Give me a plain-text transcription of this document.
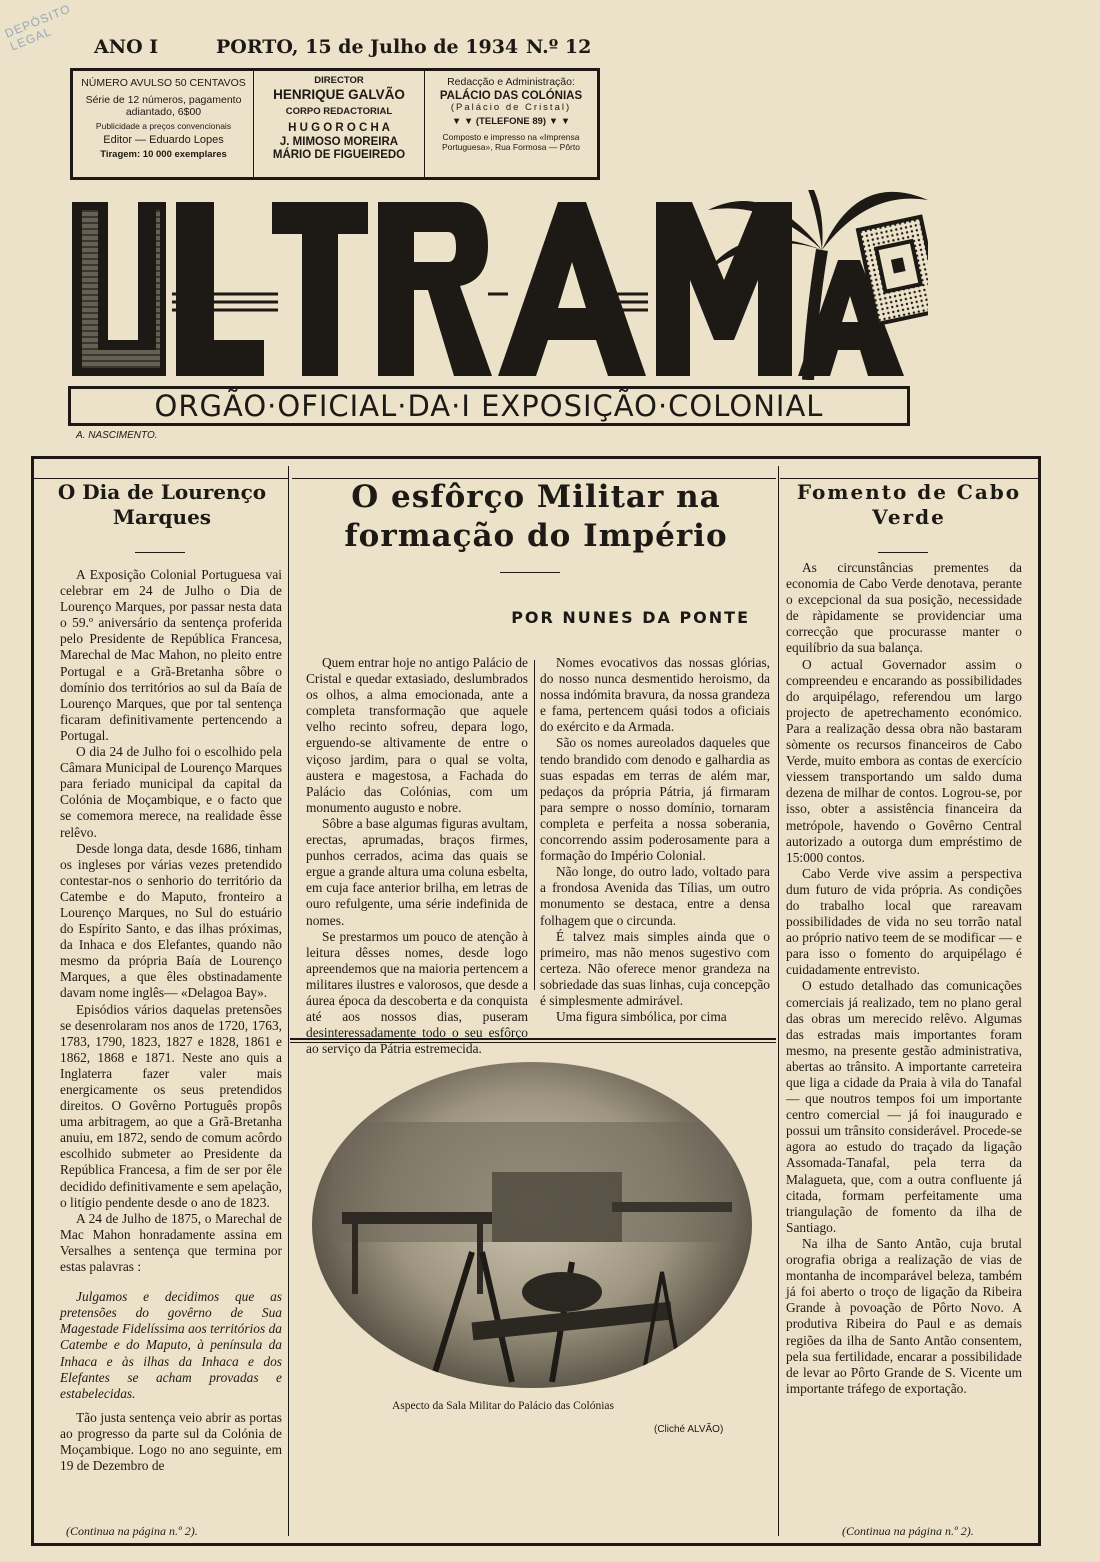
DEPÓSITO LEGAL	ANO I	PORTO, 15 de Julho de 1934 N.º 12
NÚMERO AVULSO 50 CENTAVOS
Série de 12 números, pagamento
adiantado, 6$00
Publicidade a preços convencionais
Editor — Eduardo Lopes
Tiragem: 10 000 exemplares
DIRECTOR
HENRIQUE GALVÃO
CORPO REDACTORIAL
H U G O R O C H A
J. MIMOSO MOREIRA
MÁRIO DE FIGUEIREDO
Redacção e Administração:
PALÁCIO DAS COLÓNIAS
(Palácio de Cristal)
▼ ▼ (TELEFONE 89) ▼ ▼
Composto e impresso na «Imprensa
Portuguesa», Rua Formosa — Pôrto
ORGÃO·OFICIAL·DA·I EXPOSIÇÃO·COLONIAL
A. NASCIMENTO.
O Dia de Lourenço
Marques

A Exposição Colonial Portuguesa vai celebrar em 24 de Julho o Dia de Lourenço Marques, por passar nesta data o 59.º aniversário da sentença proferida pelo Presidente de República Francesa, Marechal de Mac Mahon, no pleito entre Portugal e a Grã-Bretanha sôbre o domínio dos territórios ao sul da Baía de Lourenço Marques, que por tal sentença ficaram definitivamente pertencendo a Portugal.

O dia 24 de Julho foi o escolhido pela Câmara Municipal de Lourenço Marques para feriado municipal da capital da Colónia de Moçambique, e o facto que se comemora merece, na realidade êsse relêvo.

Desde longa data, desde 1686, tinham os ingleses por várias vezes pretendido contestar-nos o senhorio do território da Catembe e do Maputo, fronteiro a Lourenço Marques, no Sul do estuário do Espírito Santo, e das ilhas próximas, da Inhaca e dos Elefantes, quando não mesmo da própria Baía de Lourenço Marques, a que êles obstinadamente davam nome inglês— «Delagoa Bay».

Episódios vários daquelas pretensões se desenrolaram nos anos de 1720, 1763, 1783, 1790, 1823, 1827 e 1828, 1861 e 1862, 1868 e 1871. Neste ano quis a Inglaterra fazer valer mais energicamente os seus pretendidos direitos. O Govêrno Português propôs uma arbitragem, ao que a Grã-Bretanha anuiu, em 1872, sendo de comum acôrdo escolhido submeter ao Presidente da República Francesa, a fim de ser por êle decidido definitivamente e sem apelação, o litígio pendente desde o ano de 1823.

A 24 de Julho de 1875, o Marechal de Mac Mahon honradamente assina em Versalhes a sentença que termina por estas palavras :

Julgamos e decidimos que as pretensões do govêrno de Sua Magestade Fidelíssima aos territórios da Catembe e do Maputo, à península da Inhaca e às ilhas da Inhaca e dos Elefantes se acham provadas e estabelecidas.

Tão justa sentença veio abrir as portas ao progresso da parte sul da Colónia de Moçambique. Logo no ano seguinte, em 19 de Dezembro de

(Continua na página n.º 2).
O esfôrço Militar na
formação do Império
POR NUNES DA PONTE

Quem entrar hoje no antigo Palácio de Cristal e quedar extasiado, deslumbrados os olhos, a alma emocionada, ante a completa transformação que aquele velho recinto sofreu, depara logo, erguendo-se altivamente de entre o viçoso jardim, para o qual se volta, austera e magestosa, a Fachada do Palácio das Colónias, com um monumento augusto e nobre.

Sôbre a base algumas figuras avultam, erectas, aprumadas, braços firmes, punhos cerrados, acima das quais se ergue a grande altura uma coluna esbelta, em cuja face anterior brilha, em letras de ouro refulgente, uma série indefinida de nomes.

Se prestarmos um pouco de atenção à leitura dêsses nomes, desde logo apreendemos que na maioria pertencem a militares ilustres e valorosos, que desde a áurea época da descoberta e da conquista até aos nossos dias, puseram desinteressadamente todo o seu esfôrço ao serviço da Pátria estremecida.

Nomes evocativos das nossas glórias, do nosso nunca desmentido heroismo, da nossa indómita bravura, da nossa grandeza e fama, pertencem quási todos a oficiais do exército e da Armada.

São os nomes aureolados daqueles que tendo brandido com denodo e galhardia as suas espadas em terras de além mar, pedaços da própria Pátria, já firmaram para sempre o nosso domínio, tornaram completa e perfeita a nossa soberania, concorrendo assim poderosamente para a formação do Império Colonial.

Não longe, do outro lado, voltado para a frondosa Avenida das Tílias, um outro monumento se destaca, entre a densa folhagem que o circunda.

É talvez mais simples ainda que o primeiro, mas não menos sugestivo com certeza. Não oferece menor grandeza na sobriedade das suas linhas, cuja concepção é simplesmente admirável.

Uma figura simbólica, por cima

Aspecto da Sala Militar do Palácio das Colónias
(Cliché ALVÃO)
Fomento de Cabo
Verde

As circunstâncias prementes da economia de Cabo Verde denotava, perante o excepcional da sua posição, necessidade de ràpidamente se providenciar uma correcção que procurasse manter o equilíbrio da sua balança.

O actual Governador assim o compreendeu e encarando as possibilidades do arquipélago, referendou um largo projecto de apetrechamento económico. Para a realização dessa obra não bastaram sòmente os recursos financeiros de Cabo Verde, muito embora as contas de exercício viessem transportando um saldo duma dezena de milhar de contos. Logrou-se, por isso, obter a assistência financeira da metrópole, havendo o Govêrno Central autorizado a outorga dum empréstimo de 15:000 contos.

Cabo Verde vive assim a perspectiva dum futuro de vida própria. As condições do trabalho local que rareavam possibilidades de vida no seu torrão natal ao próprio nativo teem de se modificar — e para isso o fomento do arquipélago é cuidadamente entrevisto.

O estudo detalhado das comunicações comerciais já realizado, tem no plano geral das obras um merecido relêvo. Algumas das estradas mais importantes foram mesmo, na presente gestão administrativa, abertas ao trânsito. A importante carreteira que liga a cidade da Praia à vila do Tanafal — que noutros tempos foi um importante centro comercial — já foi inaugurado e possui um trânsito considerável. Procede-se agora ao estudo do traçado da ligação Assomada-Tanafal, pela terra da Malagueta, que, com a outra confluente já citada, formam perfeitamente uma triangulação de fomento da ilha de Santiago.

Na ilha de Santo Antão, cuja brutal orografia obriga a realização de vias de montanha de incomparável beleza, também já foi aberto o troço de ligação da Ribeira Grande à povoação de Pôrto Novo. A produtiva Ribeira do Paul e as demais regiões da ilha de Santo Antão consentem, pela sua fertilidade, encarar a possibilidade de levar ao Pôrto Grande de S. Vicente um importante tráfego de exportação.

(Continua na página n.º 2).
